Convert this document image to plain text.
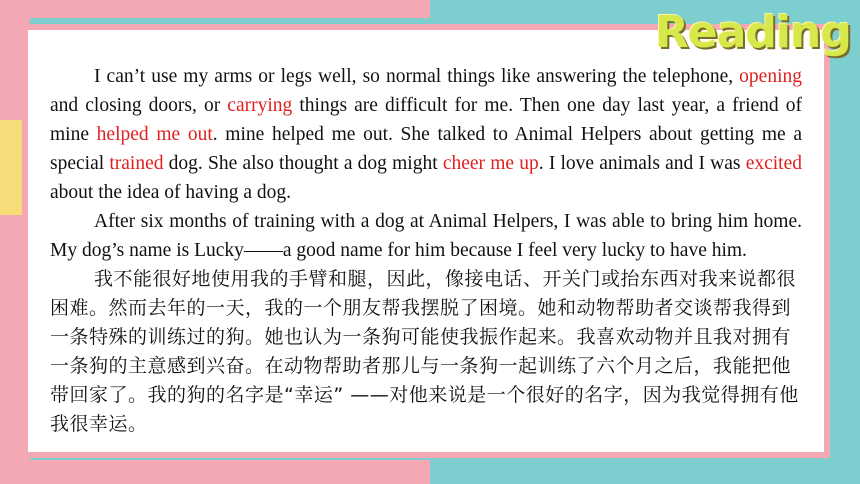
I can’t use my arms or legs well, so normal things like answering the telephone, opening and closing doors, or carrying things are difficult for me. Then one day last year, a friend of mine helped me out. mine helped me out. She talked to Animal Helpers about getting me a special trained dog. She also thought a dog might cheer me up. I love animals and I was excited about the idea of having a dog.

After six months of training with a dog at Animal Helpers, I was able to bring him home. My dog’s name is Lucky——a good name for him because I feel very lucky to have him.

我不能很好地使用我的手臂和腿，因此，像接电话、开关门或抬东西对我来说都很困难。然而去年的一天，我的一个朋友帮我摆脱了困境。她和动物帮助者交谈帮我得到一条特殊的训练过的狗。她也认为一条狗可能使我振作起来。我喜欢动物并且我对拥有一条狗的主意感到兴奋。在动物帮助者那儿与一条狗一起训练了六个月之后，我能把他带回家了。我的狗的名字是“幸运” ——对他来说是一个很好的名字，因为我觉得拥有他我很幸运。

Reading
